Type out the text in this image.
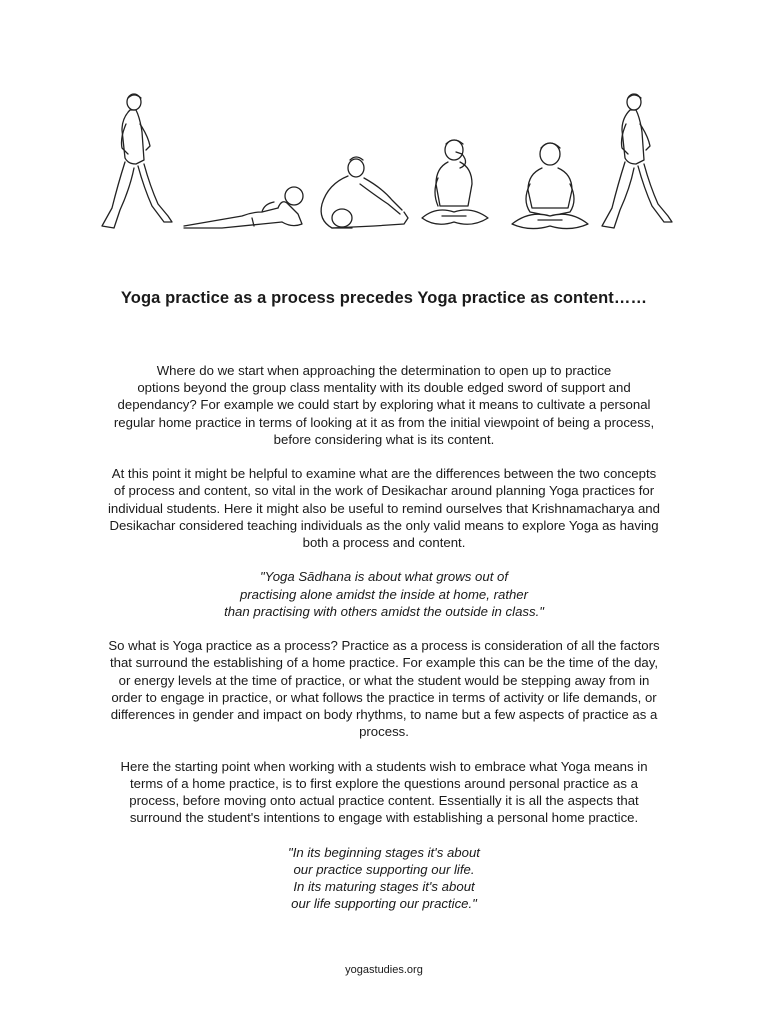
Yoga practice as a process precedes Yoga practice as content……

Where do we start when approaching the determination to open up to practice
options beyond the group class mentality with its double edged sword of support and
dependancy? For example we could start by exploring what it means to cultivate a personal
regular home practice in terms of looking at it as from the initial viewpoint of being a process,
before considering what is its content.

At this point it might be helpful to examine what are the differences between the two concepts
of process and content, so vital in the work of Desikachar around planning Yoga practices for
individual students. Here it might also be useful to remind ourselves that Krishnamacharya and
Desikachar considered teaching individuals as the only valid means to explore Yoga as having
both a process and content.

"Yoga Sādhana is about what grows out of
practising alone amidst the inside at home, rather
than practising with others amidst the outside in class."

So what is Yoga practice as a process? Practice as a process is consideration of all the factors
that surround the establishing of a home practice. For example this can be the time of the day,
or energy levels at the time of practice, or what the student would be stepping away from in
order to engage in practice, or what follows the practice in terms of activity or life demands, or
differences in gender and impact on body rhythms, to name but a few aspects of practice as a
process.

Here the starting point when working with a students wish to embrace what Yoga means in
terms of a home practice, is to first explore the questions around personal practice as a
process, before moving onto actual practice content. Essentially it is all the aspects that
surround the student's intentions to engage with establishing a personal home practice.

"In its beginning stages it's about
our practice supporting our life.
In its maturing stages it's about
our life supporting our practice."

yogastudies.org
